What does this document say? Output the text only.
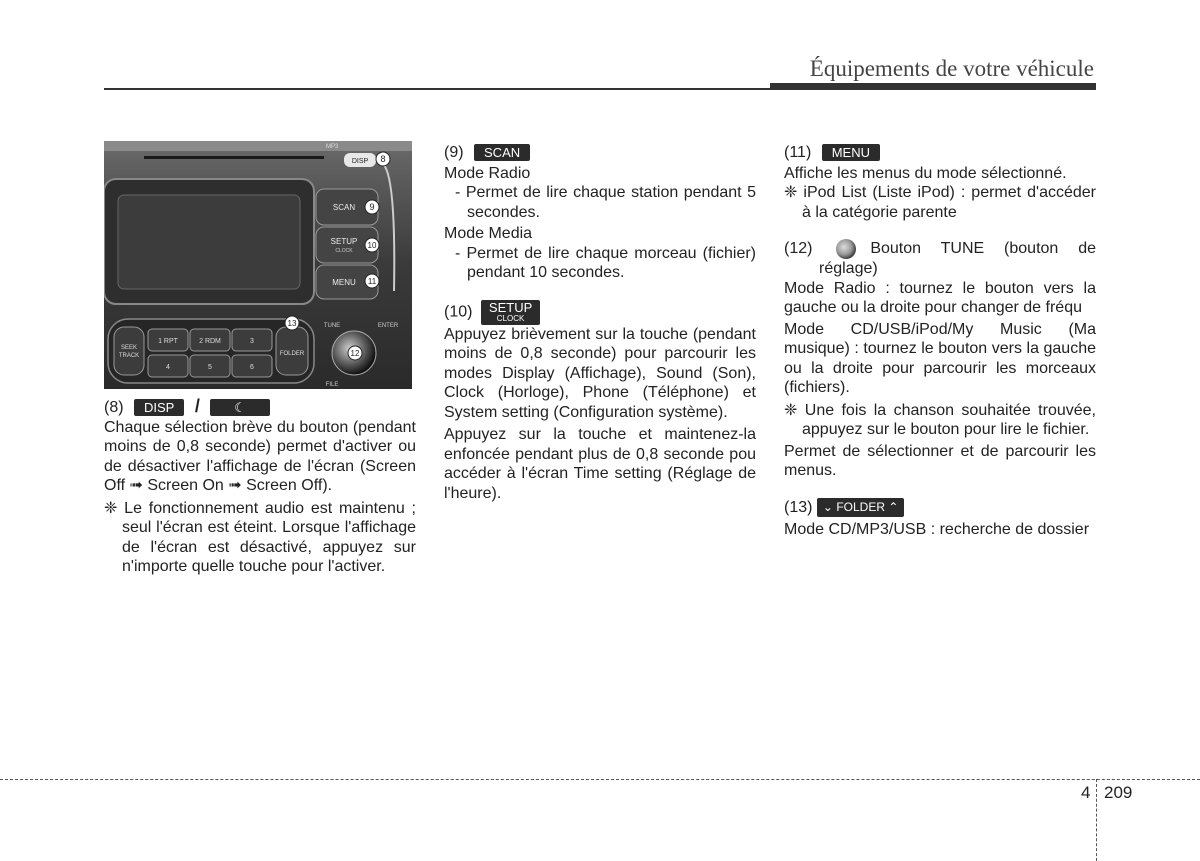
Équipements de votre véhicule
MP3
DISP
SCAN
SETUP
CLOCK
MENU
SEEK
TRACK
1 RPT	2 RDM	3
4	5	6
FOLDER
TUNE	ENTER
FILE
8
9
10
11
12
13

(8) DISP /	☾

Chaque sélection brève du bouton (pendant moins de 0,8 seconde) permet d'activer ou de désactiver l'affichage de l'écran (Screen Off ➟ Screen On ➟ Screen Off).

❈ Le fonctionnement audio est maintenu ; seul l'écran est éteint. Lorsque l'affichage de l'écran est désactivé, appuyez sur n'importe quelle touche pour l'activer.

(9) SCAN

Mode Radio

- Permet de lire chaque station pendant 5 secondes.

Mode Media

- Permet de lire chaque morceau (fichier) pendant 10 secondes.

(10) SETUP
CLOCK

Appuyez brièvement sur la touche (pendant moins de 0,8 seconde) pour parcourir les modes Display (Affichage), Sound (Son), Clock (Horloge), Phone (Téléphone) et System setting (Configuration système).

Appuyez sur la touche et maintenez-la enfoncée pendant plus de 0,8 seconde pou accéder à l'écran Time setting (Réglage de l'heure).

(11) MENU

Affiche les menus du mode sélectionné.

❈ iPod List (Liste iPod) : permet d'accéder à la catégorie parente

(12)	Bouton TUNE (bouton de réglage)

Mode Radio : tournez le bouton vers la gauche ou la droite pour changer de fréqu

Mode CD/USB/iPod/My Music (Ma musique) : tournez le bouton vers la gauche ou la droite pour parcourir les morceaux (fichiers).

❈ Une fois la chanson souhaitée trouvée, appuyez sur le bouton pour lire le fichier.

Permet de sélectionner et de parcourir les menus.

(13) ⌄ FOLDER ⌃

Mode CD/MP3/USB : recherche de dossier

4 209
